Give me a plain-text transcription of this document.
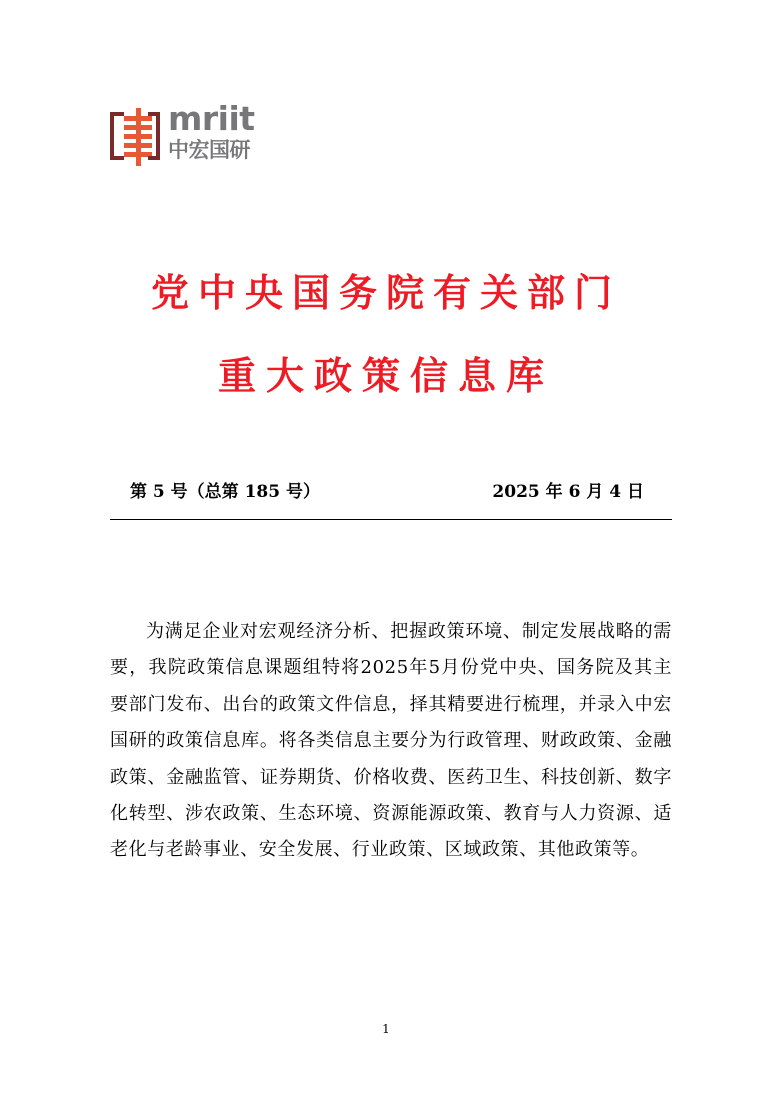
mriit
中宏国研
党中央国务院有关部门
重大政策信息库
第 5 号（总第 185 号）	2025 年 6 月 4 日

为满足企业对宏观经济分析、把握政策环境、制定发展战略的需要，我院政策信息课题组特将2025年5月份党中央、国务院及其主要部门发布、出台的政策文件信息，择其精要进行梳理，并录入中宏国研的政策信息库。将各类信息主要分为行政管理、财政政策、金融政策、金融监管、证券期货、价格收费、医药卫生、科技创新、数字化转型、涉农政策、生态环境、资源能源政策、教育与人力资源、适老化与老龄事业、安全发展、行业政策、区域政策、其他政策等。

1
